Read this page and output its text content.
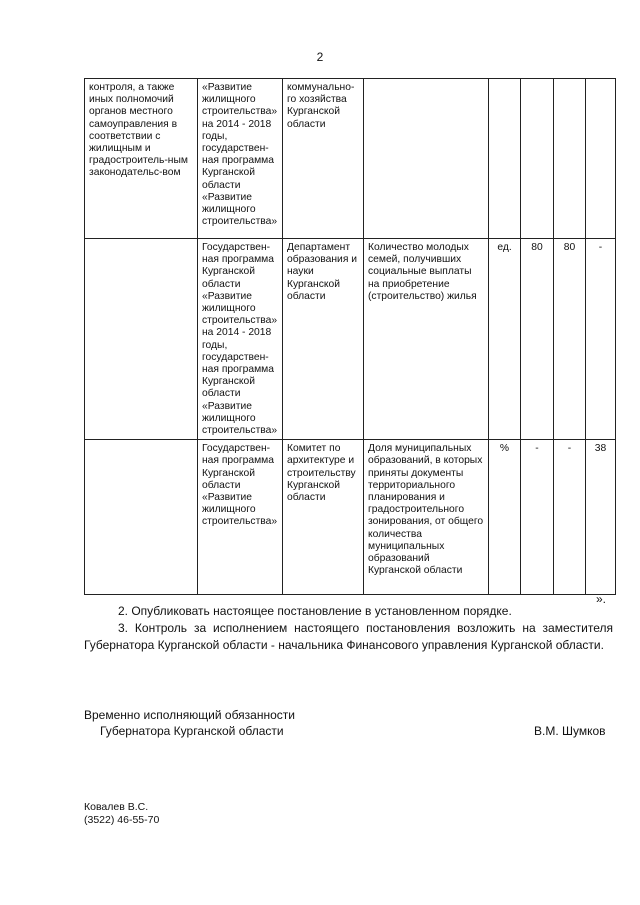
2
контроля, а также иных полномочий органов местного самоуправления в соответствии с жилищным и градостроитель-ным законодательс-вом	«Развитие жилищного строительства» на 2014 - 2018 годы, государствен-ная программа Курганской области «Развитие жилищного строительства»	коммунально-го хозяйства Курганской области					
	Государствен-ная программа Курганской области «Развитие жилищного строительства» на 2014 - 2018 годы, государствен-ная программа Курганской области «Развитие жилищного строительства»	Департамент образования и науки Курганской области	Количество молодых семей, получивших социальные выплаты на приобретение (строительство) жилья	ед.	80	80	-
	Государствен-ная программа Курганской области «Развитие жилищного строительства»	Комитет по архитектуре и строительству Курганской области	Доля муниципальных образований, в которых приняты документы территориального планирования и градостроительного зонирования, от общего количества муниципальных образований Курганской области	%	-	-	38
».
2. Опубликовать настоящее постановление в установленном порядке.
3. Контроль за исполнением настоящего постановления возложить на заместителя Губернатора Курганской области - начальника Финансового управления Курганской области.
Временно исполняющий обязанности
Губернатора Курганской области	В.М. Шумков
Ковалев В.С.
(3522) 46-55-70
